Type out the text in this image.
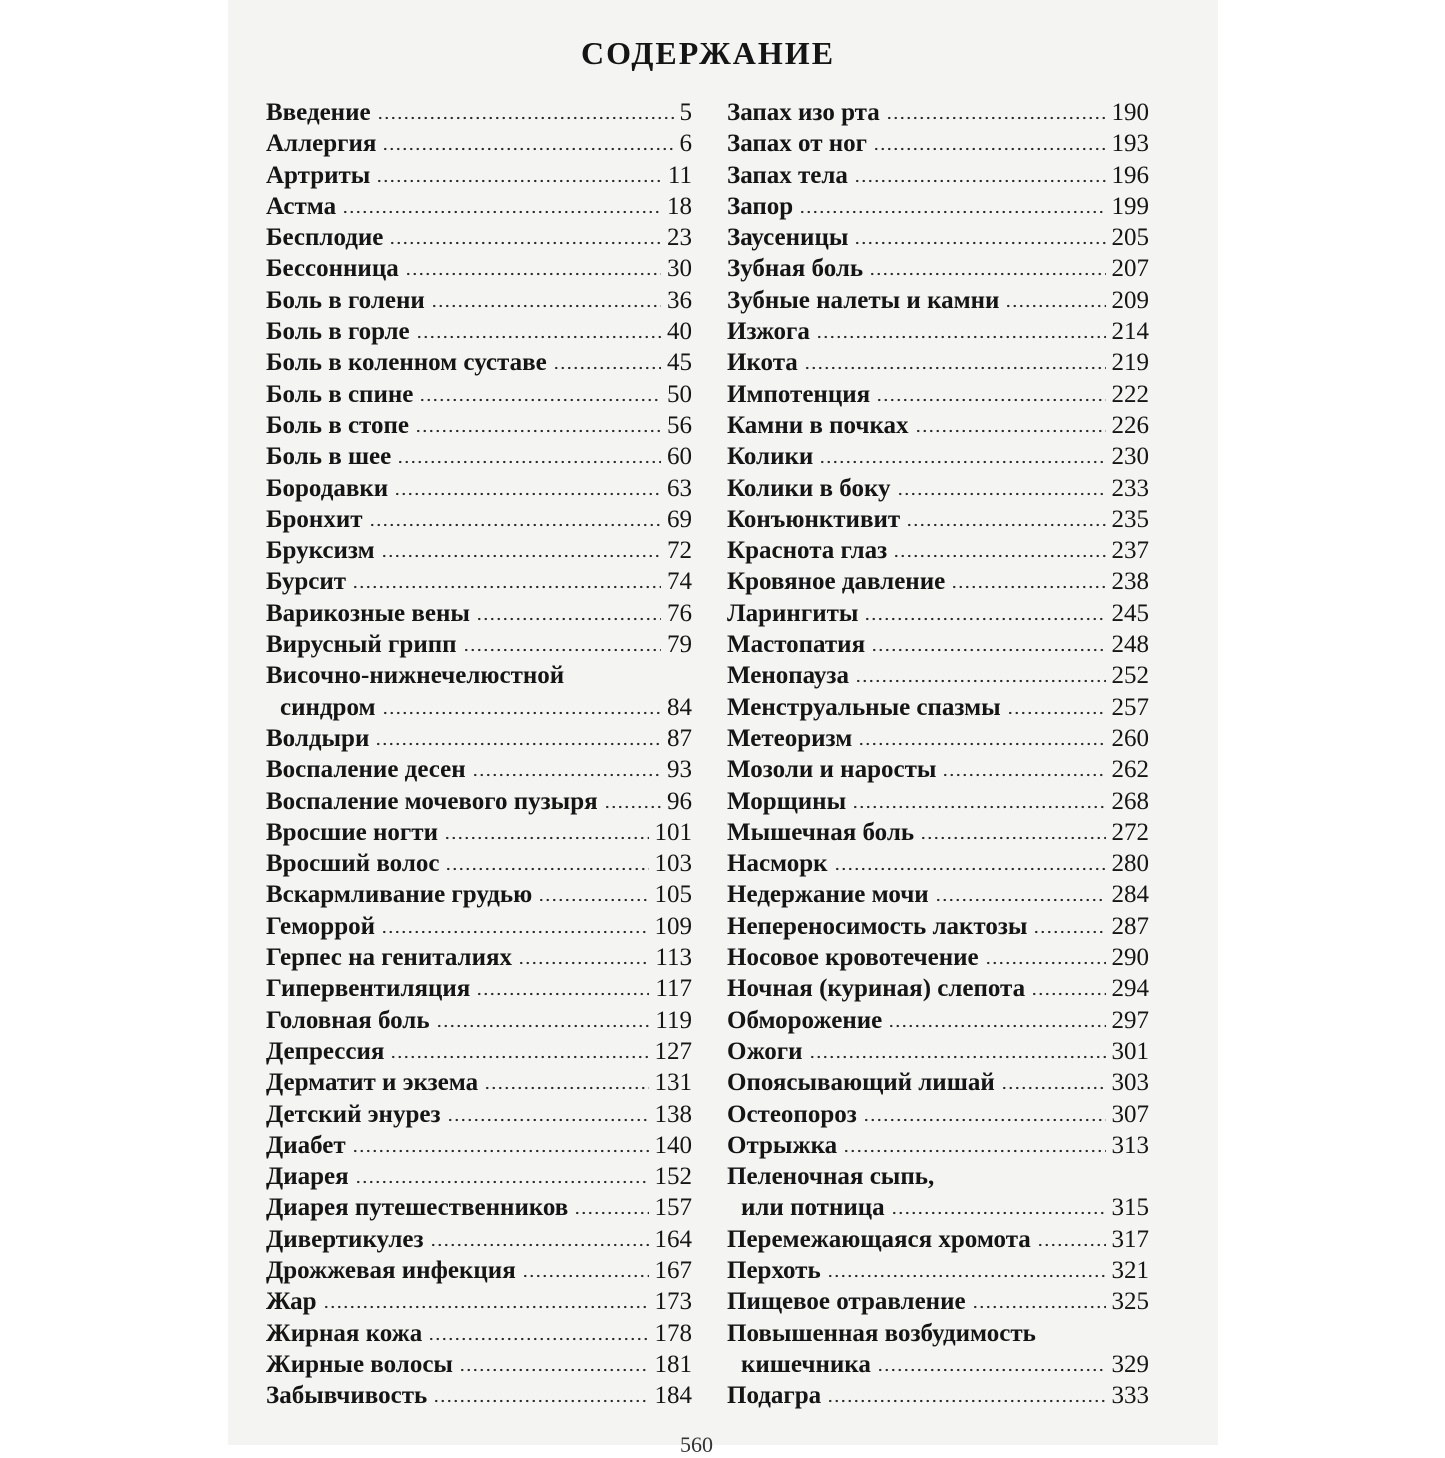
СОДЕРЖАНИЕ
Введение	5
Аллергия	6
Артриты	11
Астма	18
Бесплодие	23
Бессонница	30
Боль в голени	36
Боль в горле	40
Боль в коленном суставе	45
Боль в спине	50
Боль в стопе	56
Боль в шее	60
Бородавки	63
Бронхит	69
Бруксизм	72
Бурсит	74
Варикозные вены	76
Вирусный грипп	79
Височно-нижнечелюстной
синдром	84
Волдыри	87
Воспаление десен	93
Воспаление мочевого пузыря	96
Вросшие ногти	101
Вросший волос	103
Вскармливание грудью	105
Геморрой	109
Герпес на гениталиях	113
Гипервентиляция	117
Головная боль	119
Депрессия	127
Дерматит и экзема	131
Детский энурез	138
Диабет	140
Диарея	152
Диарея путешественников	157
Дивертикулез	164
Дрожжевая инфекция	167
Жар	173
Жирная кожа	178
Жирные волосы	181
Забывчивость	184
Запах изо рта	190
Запах от ног	193
Запах тела	196
Запор	199
Заусеницы	205
Зубная боль	207
Зубные налеты и камни	209
Изжога	214
Икота	219
Импотенция	222
Камни в почках	226
Колики	230
Колики в боку	233
Конъюнктивит	235
Краснота глаз	237
Кровяное давление	238
Ларингиты	245
Мастопатия	248
Менопауза	252
Менструальные спазмы	257
Метеоризм	260
Мозоли и наросты	262
Морщины	268
Мышечная боль	272
Насморк	280
Недержание мочи	284
Непереносимость лактозы	287
Носовое кровотечение	290
Ночная (куриная) слепота	294
Обморожение	297
Ожоги	301
Опоясывающий лишай	303
Остеопороз	307
Отрыжка	313
Пеленочная сыпь,
или потница	315
Перемежающаяся хромота	317
Перхоть	321
Пищевое отравление	325
Повышенная возбудимость
кишечника	329
Подагра	333
560
